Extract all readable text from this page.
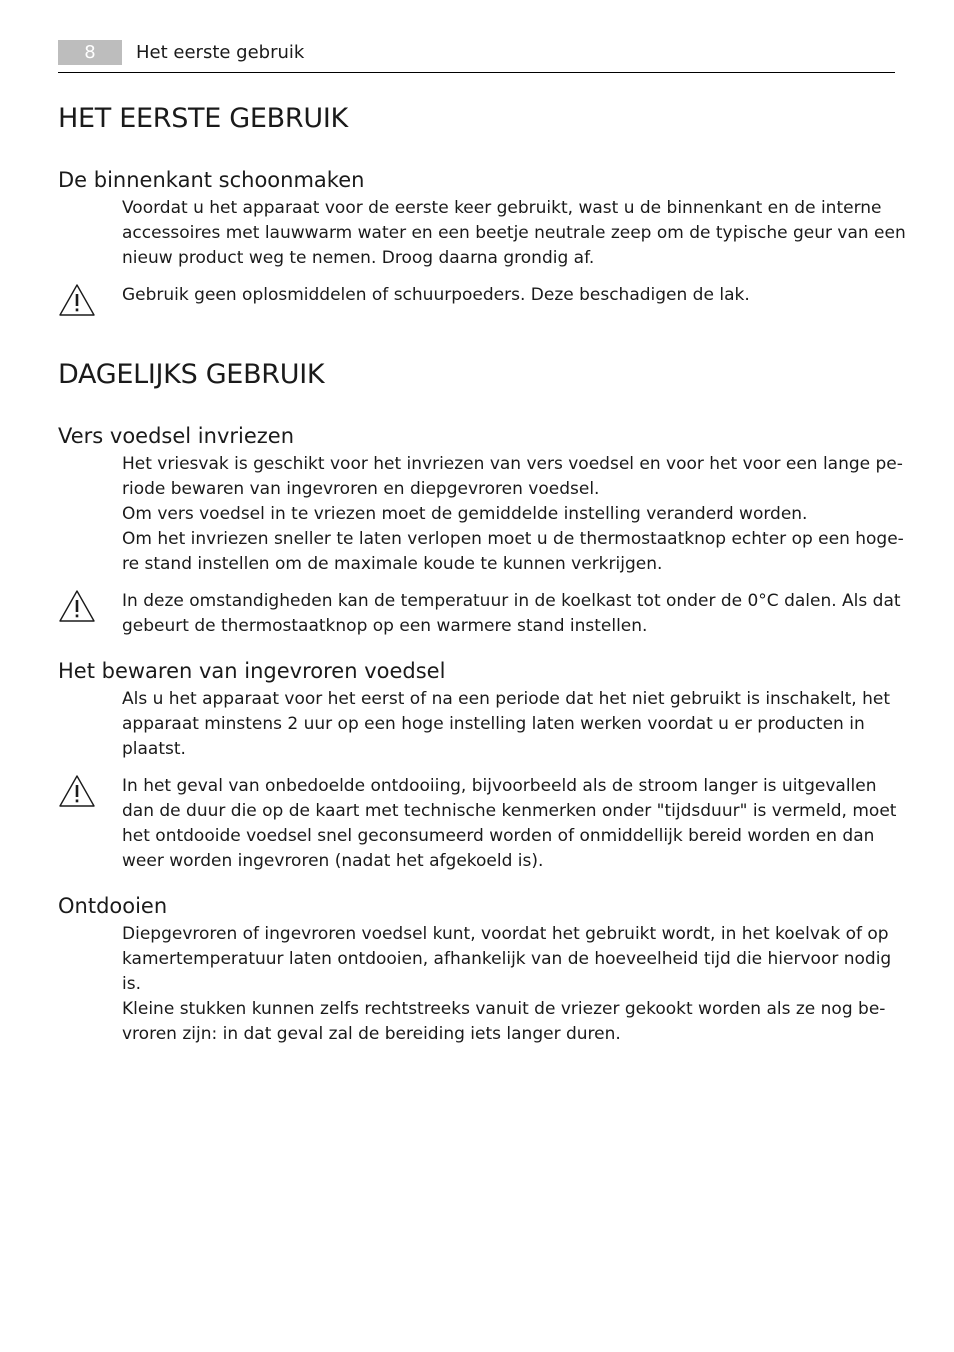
8	Het eerste gebruik
HET EERSTE GEBRUIK
De binnenkant schoonmaken
Voordat u het apparaat voor de eerste keer gebruikt, wast u de binnenkant en de interne
accessoires met lauwwarm water en een beetje neutrale zeep om de typische geur van een
nieuw product weg te nemen. Droog daarna grondig af.
Gebruik geen oplosmiddelen of schuurpoeders. Deze beschadigen de lak.
DAGELIJKS GEBRUIK
Vers voedsel invriezen
Het vriesvak is geschikt voor het invriezen van vers voedsel en voor het voor een lange pe-
riode bewaren van ingevroren en diepgevroren voedsel.
Om vers voedsel in te vriezen moet de gemiddelde instelling veranderd worden.
Om het invriezen sneller te laten verlopen moet u de thermostaatknop echter op een hoge-
re stand instellen om de maximale koude te kunnen verkrijgen.
In deze omstandigheden kan de temperatuur in de koelkast tot onder de 0°C dalen. Als dat
gebeurt de thermostaatknop op een warmere stand instellen.
Het bewaren van ingevroren voedsel
Als u het apparaat voor het eerst of na een periode dat het niet gebruikt is inschakelt, het
apparaat minstens 2 uur op een hoge instelling laten werken voordat u er producten in
plaatst.
In het geval van onbedoelde ontdooiing, bijvoorbeeld als de stroom langer is uitgevallen
dan de duur die op de kaart met technische kenmerken onder "tijdsduur" is vermeld, moet
het ontdooide voedsel snel geconsumeerd worden of onmiddellijk bereid worden en dan
weer worden ingevroren (nadat het afgekoeld is).
Ontdooien
Diepgevroren of ingevroren voedsel kunt, voordat het gebruikt wordt, in het koelvak of op
kamertemperatuur laten ontdooien, afhankelijk van de hoeveelheid tijd die hiervoor nodig
is.
Kleine stukken kunnen zelfs rechtstreeks vanuit de vriezer gekookt worden als ze nog be-
vroren zijn: in dat geval zal de bereiding iets langer duren.
